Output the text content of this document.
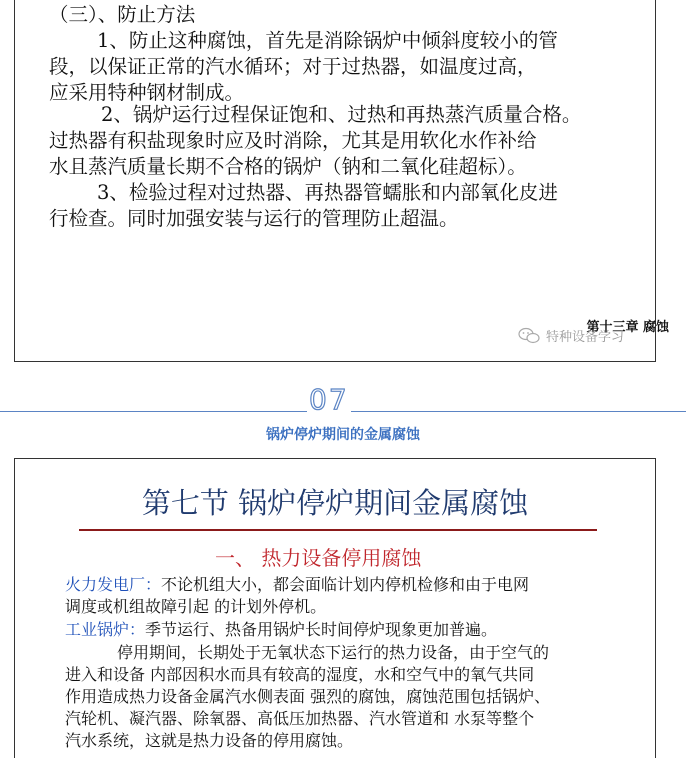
（三）、防止方法
1、防止这种腐蚀，首先是消除锅炉中倾斜度较小的管
段，以保证正常的汽水循环；对于过热器，如温度过高，
应采用特种钢材制成。
2、锅炉运行过程保证饱和、过热和再热蒸汽质量合格。
过热器有积盐现象时应及时消除，尤其是用软化水作补给
水且蒸汽质量长期不合格的锅炉（钠和二氧化硅超标）。
3、检验过程对过热器、再热器管蠕胀和内部氧化皮进
行检查。同时加强安装与运行的管理防止超温。
第十三章 腐蚀
特种设备学习
07
锅炉停炉期间的金属腐蚀
第七节 锅炉停炉期间金属腐蚀
一、 热力设备停用腐蚀
火力发电厂：不论机组大小，都会面临计划内停机检修和由于电网
调度或机组故障引起 的计划外停机。
工业锅炉：季节运行、热备用锅炉长时间停炉现象更加普遍。
停用期间，长期处于无氧状态下运行的热力设备，由于空气的
进入和设备 内部因积水而具有较高的湿度，水和空气中的氧气共同
作用造成热力设备金属汽水侧表面 强烈的腐蚀，腐蚀范围包括锅炉、
汽轮机、凝汽器、除氧器、高低压加热器、汽水管道和 水泵等整个
汽水系统，这就是热力设备的停用腐蚀。
